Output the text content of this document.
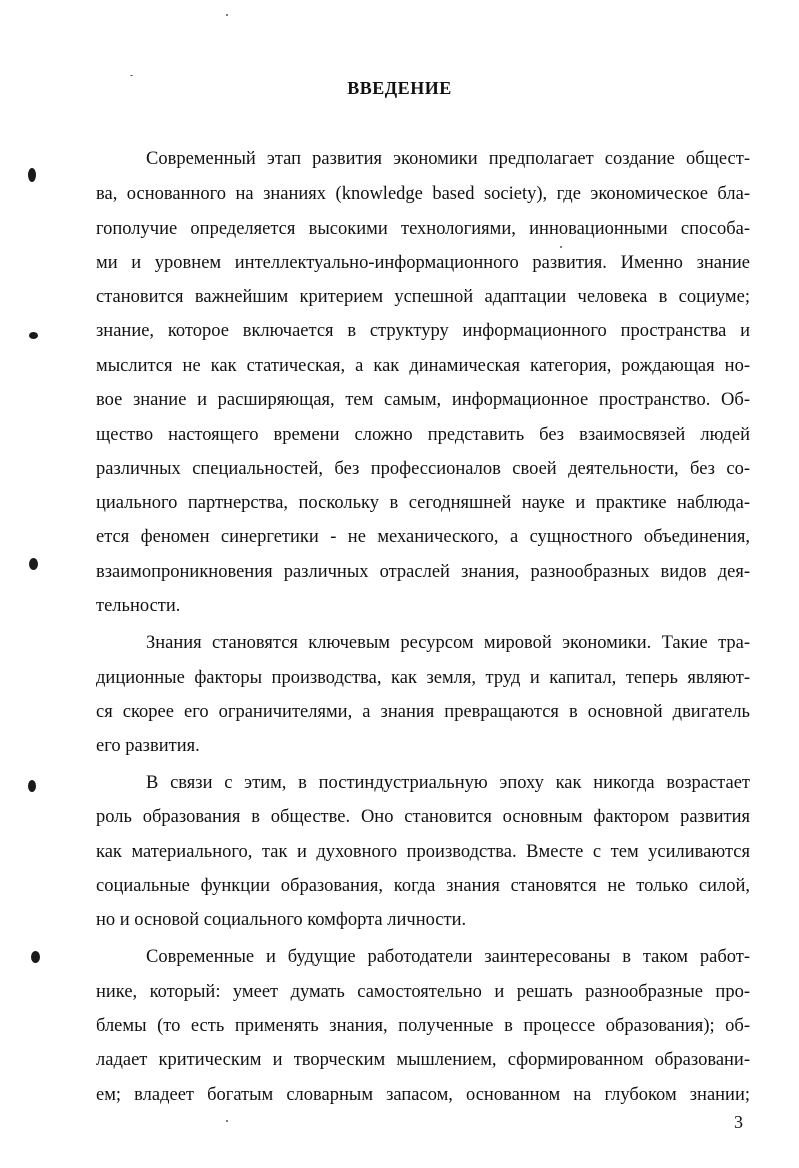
ВВЕДЕНИЕ
Современный этап развития экономики предполагает создание общест-
ва, основанного на знаниях (knowledge based society), где экономическое бла-
гополучие определяется высокими технологиями, инновационными способа-
ми и уровнем интеллектуально-информационного развития. Именно знание
становится важнейшим критерием успешной адаптации человека в социуме;
знание, которое включается в структуру информационного пространства и
мыслится не как статическая, а как динамическая категория, рождающая но-
вое знание и расширяющая, тем самым, информационное пространство. Об-
щество настоящего времени сложно представить без взаимосвязей людей
различных специальностей, без профессионалов своей деятельности, без со-
циального партнерства, поскольку в сегодняшней науке и практике наблюда-
ется феномен синергетики - не механического, а сущностного объединения,
взаимопроникновения различных отраслей знания, разнообразных видов дея-
тельности.
Знания становятся ключевым ресурсом мировой экономики. Такие тра-
диционные факторы производства, как земля, труд и капитал, теперь являют-
ся скорее его ограничителями, а знания превращаются в основной двигатель
его развития.
В связи с этим, в постиндустриальную эпоху как никогда возрастает
роль образования в обществе. Оно становится основным фактором развития
как материального, так и духовного производства. Вместе с тем усиливаются
социальные функции образования, когда знания становятся не только силой,
но и основой социального комфорта личности.
Современные и будущие работодатели заинтересованы в таком работ-
нике, который: умеет думать самостоятельно и решать разнообразные про-
блемы (то есть применять знания, полученные в процессе образования); об-
ладает критическим и творческим мышлением, сформированном образовани-
ем; владеет богатым словарным запасом, основанном на глубоком знании;
3
